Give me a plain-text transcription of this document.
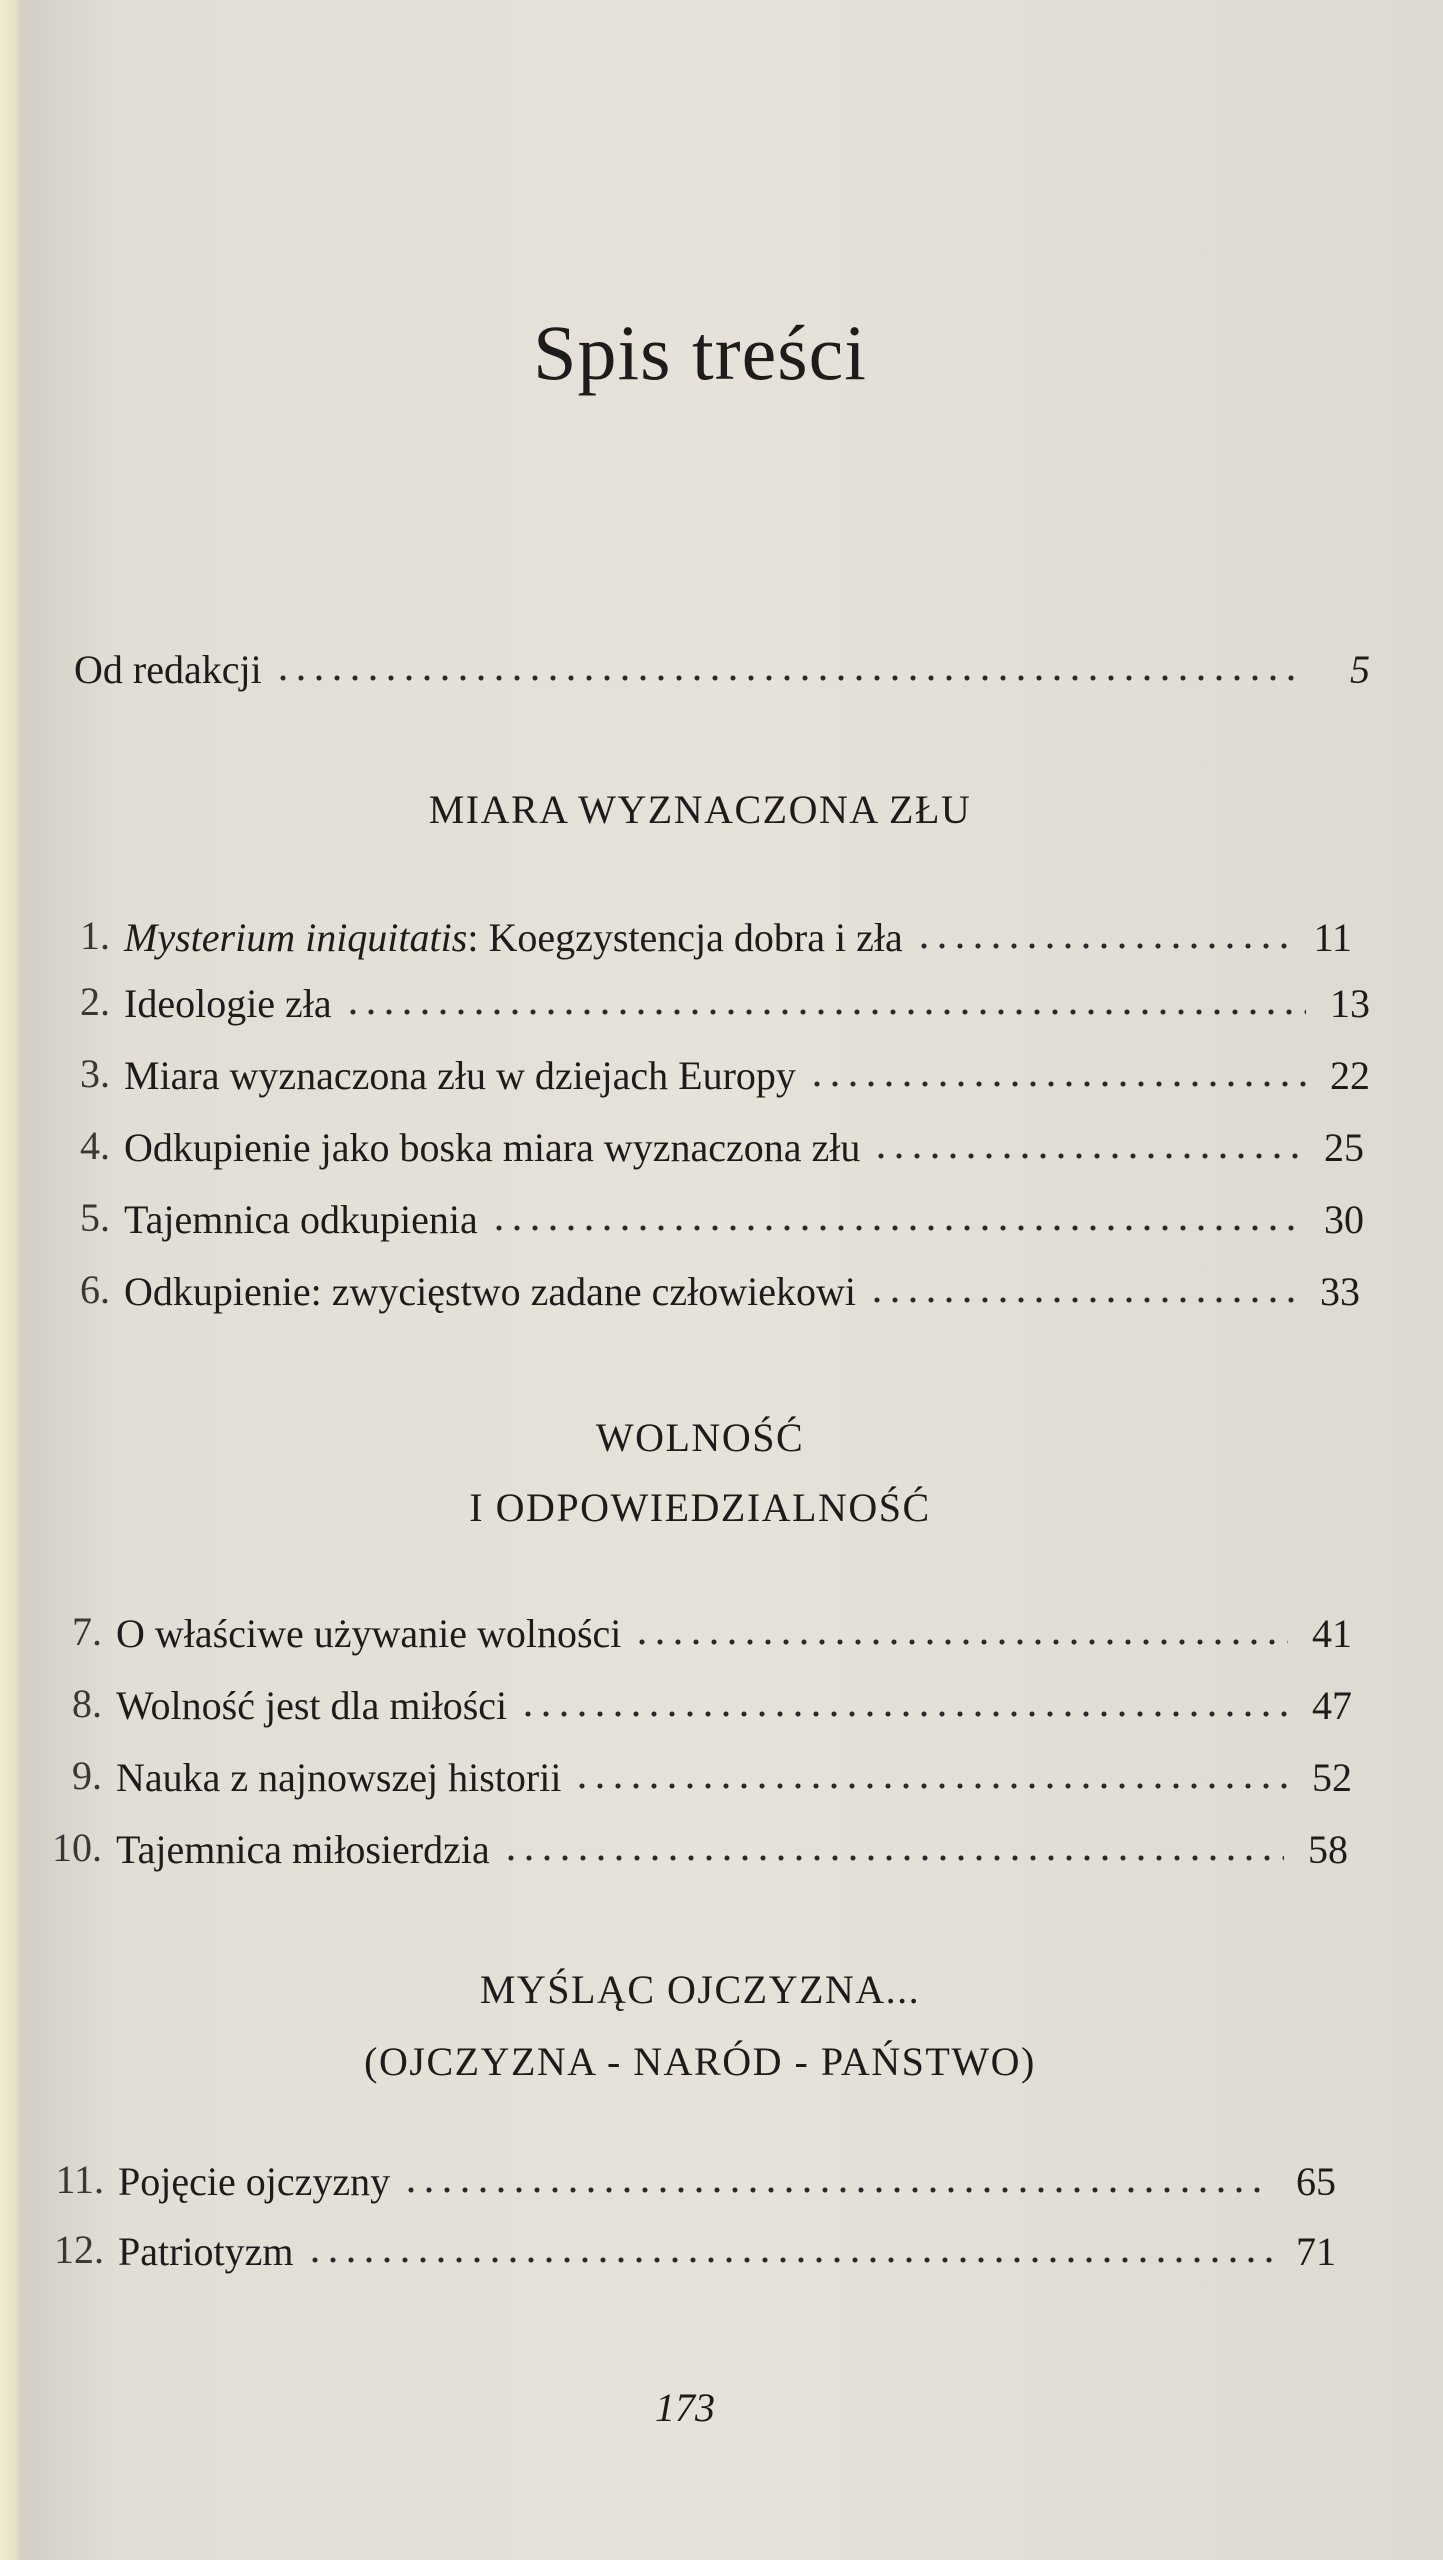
Spis treści
Od redakcji	5
MIARA WYZNACZONA ZŁU
1. Mysterium iniquitatis: Koegzystencja dobra i zła	11
2. Ideologie zła	13
3. Miara wyznaczona złu w dziejach Europy	22
4. Odkupienie jako boska miara wyznaczona złu	25
5. Tajemnica odkupienia	30
6. Odkupienie: zwycięstwo zadane człowiekowi	33
WOLNOŚĆ
I ODPOWIEDZIALNOŚĆ
7. O właściwe używanie wolności	41
8. Wolność jest dla miłości	47
9. Nauka z najnowszej historii	52
10. Tajemnica miłosierdzia	58
MYŚLĄC OJCZYZNA...
(OJCZYZNA - NARÓD - PAŃSTWO)
11. Pojęcie ojczyzny	65
12. Patriotyzm	71
173
